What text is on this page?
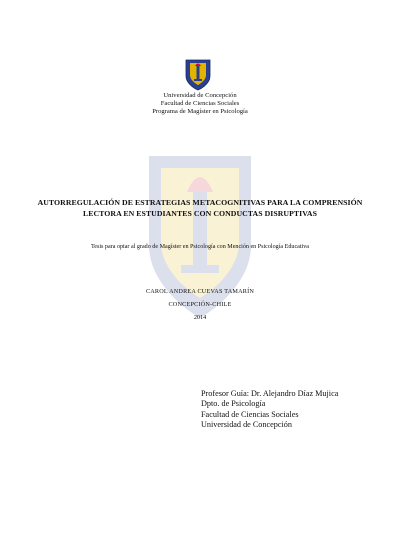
Universidad de Concepción
Facultad de Ciencias Sociales
Programa de Magíster en Psicología
AUTORREGULACIÓN DE ESTRATEGIAS METACOGNITIVAS PARA LA COMPRENSIÓN
LECTORA EN ESTUDIANTES CON CONDUCTAS DISRUPTIVAS
Tesis para optar al grado de Magíster en Psicología con Mención en Psicología Educativa
CAROL ANDREA CUEVAS TAMARÍN
CONCEPCIÓN-CHILE
2014
Profesor Guía: Dr. Alejandro Díaz Mujica
Dpto. de Psicología
Facultad de Ciencias Sociales
Universidad de Concepción
